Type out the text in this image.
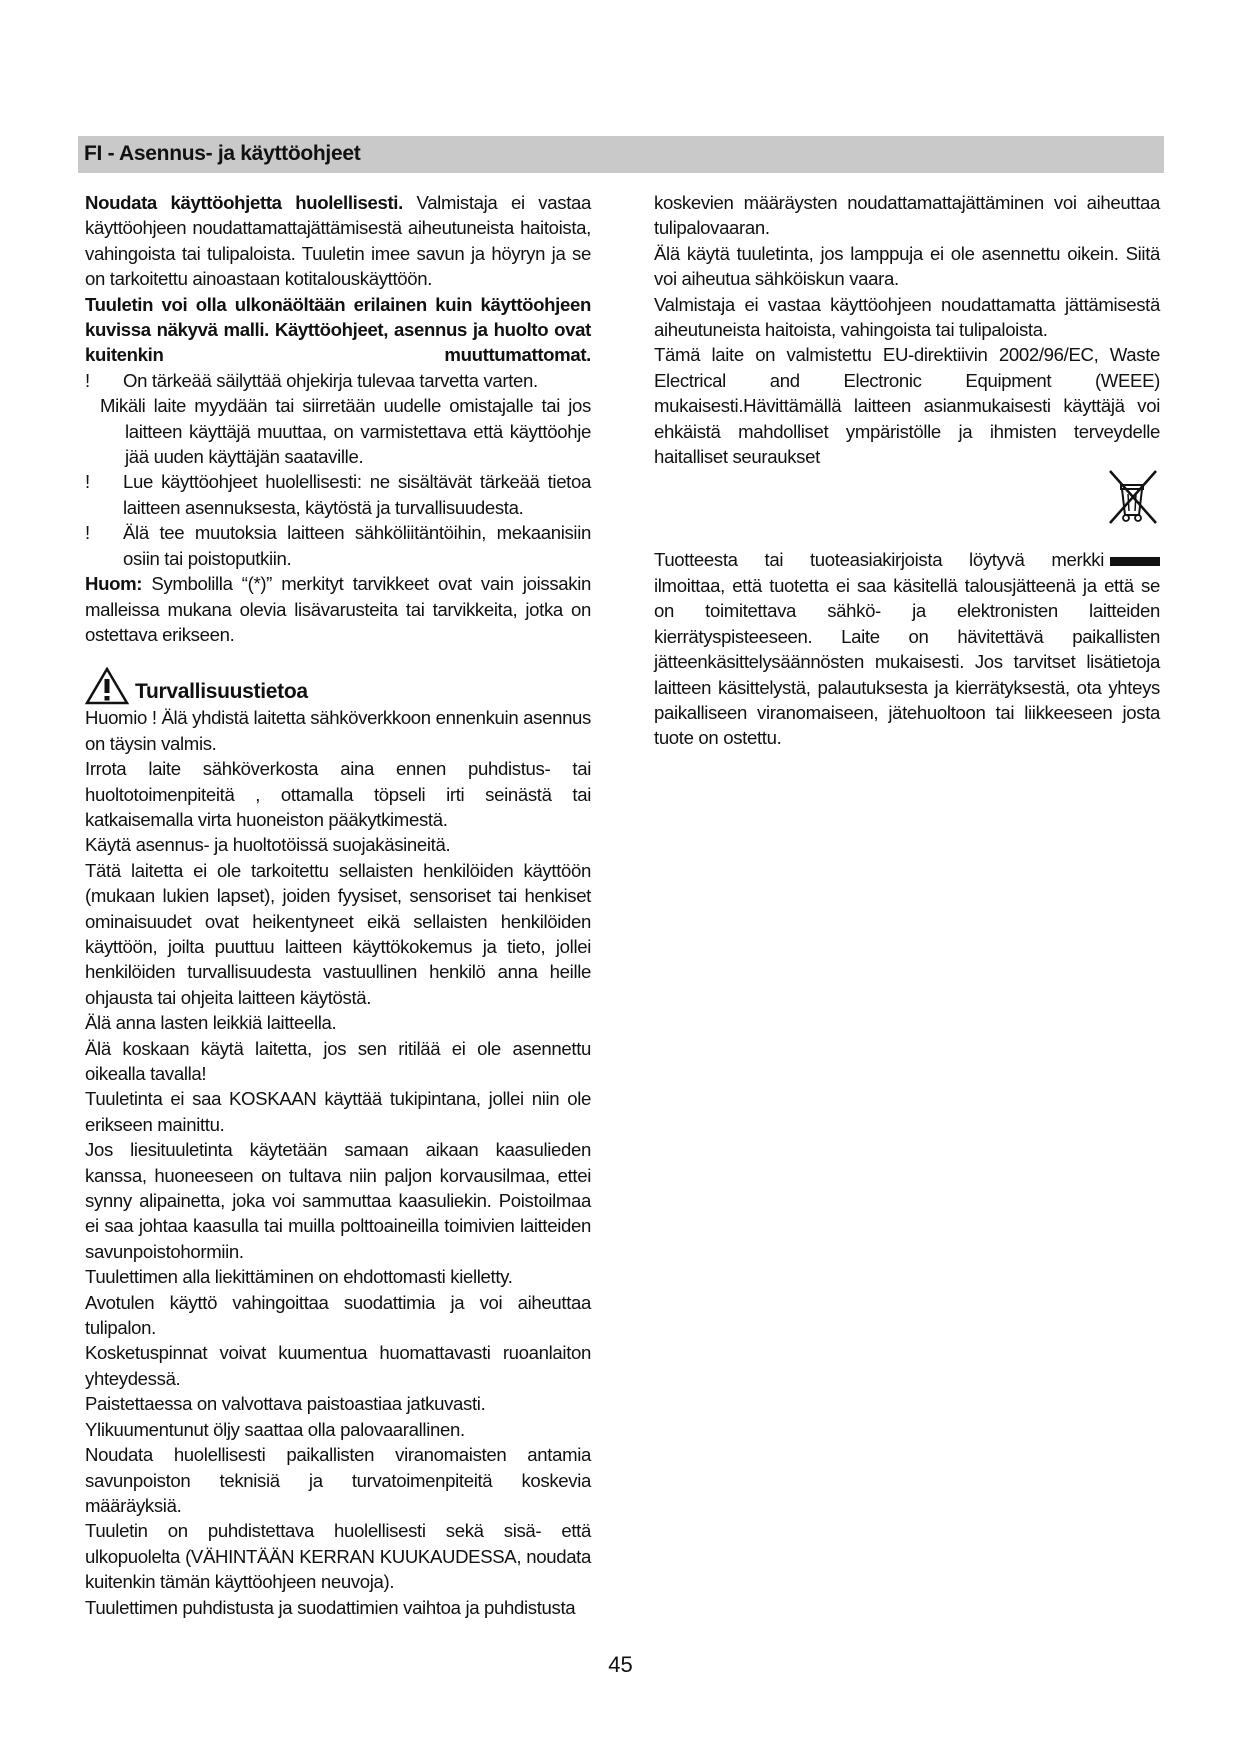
FI - Asennus- ja käyttöohjeet

Noudata käyttöohjetta huolellisesti. Valmistaja ei vastaa käyttöohjeen noudattamattajättämisestä aiheutuneista haitoista, vahingoista tai tulipaloista. Tuuletin imee savun ja höyryn ja se on tarkoitettu ainoastaan kotitalouskäyttöön.

Tuuletin voi olla ulkonäöltään erilainen kuin käyttöohjeen kuvissa näkyvä malli. Käyttöohjeet, asennus ja huolto ovat kuitenkin muuttumattomat.

! On tärkeää säilyttää ohjekirja tulevaa tarvetta varten.

Mikäli laite myydään tai siirretään uudelle omistajalle tai jos laitteen käyttäjä muuttaa, on varmistettava että käyttöohje jää uuden käyttäjän saataville.

! Lue käyttöohjeet huolellisesti: ne sisältävät tärkeää tietoa laitteen asennuksesta, käytöstä ja turvallisuudesta.

! Älä tee muutoksia laitteen sähköliitäntöihin, mekaanisiin osiin tai poistoputkiin.

Huom: Symbolilla “(*)” merkityt tarvikkeet ovat vain joissakin malleissa mukana olevia lisävarusteita tai tarvikkeita, jotka on ostettava erikseen.

Turvallisuustietoa

Huomio ! Älä yhdistä laitetta sähköverkkoon ennenkuin asennus on täysin valmis.

Irrota laite sähköverkosta aina ennen puhdistus- tai huoltotoimenpiteitä , ottamalla töpseli irti seinästä tai katkaisemalla virta huoneiston pääkytkimestä.

Käytä asennus- ja huoltotöissä suojakäsineitä.

Tätä laitetta ei ole tarkoitettu sellaisten henkilöiden käyttöön (mukaan lukien lapset), joiden fyysiset, sensoriset tai henkiset ominaisuudet ovat heikentyneet eikä sellaisten henkilöiden käyttöön, joilta puuttuu laitteen käyttökokemus ja tieto, jollei henkilöiden turvallisuudesta vastuullinen henkilö anna heille ohjausta tai ohjeita laitteen käytöstä.

Älä anna lasten leikkiä laitteella.

Älä koskaan käytä laitetta, jos sen ritilää ei ole asennettu oikealla tavalla!

Tuuletinta ei saa KOSKAAN käyttää tukipintana, jollei niin ole erikseen mainittu.

Jos liesituuletinta käytetään samaan aikaan kaasulieden kanssa, huoneeseen on tultava niin paljon korvausilmaa, ettei synny alipainetta, joka voi sammuttaa kaasuliekin. Poistoilmaa ei saa johtaa kaasulla tai muilla polttoaineilla toimivien laitteiden savunpoistohormiin.

Tuulettimen alla liekittäminen on ehdottomasti kielletty.

Avotulen käyttö vahingoittaa suodattimia ja voi aiheuttaa tulipalon.

Kosketuspinnat voivat kuumentua huomattavasti ruoanlaiton yhteydessä.

Paistettaessa on valvottava paistoastiaa jatkuvasti.

Ylikuumentunut öljy saattaa olla palovaarallinen.

Noudata huolellisesti paikallisten viranomaisten antamia savunpoiston teknisiä ja turvatoimenpiteitä koskevia määräyksiä.

Tuuletin on puhdistettava huolellisesti sekä sisä- että ulkopuolelta (VÄHINTÄÄN KERRAN KUUKAUDESSA, noudata kuitenkin tämän käyttöohjeen neuvoja).

Tuulettimen puhdistusta ja suodattimien vaihtoa ja puhdistusta

koskevien määräysten noudattamattajättäminen voi aiheuttaa tulipalovaaran.

Älä käytä tuuletinta, jos lamppuja ei ole asennettu oikein. Siitä voi aiheutua sähköiskun vaara.

Valmistaja ei vastaa käyttöohjeen noudattamatta jättämisestä aiheutuneista haitoista, vahingoista tai tulipaloista.

Tämä laite on valmistettu EU-direktiivin 2002/96/EC, Waste Electrical and Electronic Equipment (WEEE) mukaisesti.Hävittämällä laitteen asianmukaisesti käyttäjä voi ehkäistä mahdolliset ympäristölle ja ihmisten terveydelle haitalliset seuraukset

Tuotteesta tai tuoteasiakirjoista löytyvä merkki

ilmoittaa, että tuotetta ei saa käsitellä talousjätteenä ja että se on toimitettava sähkö- ja elektronisten laitteiden kierrätyspisteeseen. Laite on hävitettävä paikallisten jätteenkäsittelysäännösten mukaisesti. Jos tarvitset lisätietoja laitteen käsittelystä, palautuksesta ja kierrätyksestä, ota yhteys paikalliseen viranomaiseen, jätehuoltoon tai liikkeeseen josta tuote on ostettu.

45
